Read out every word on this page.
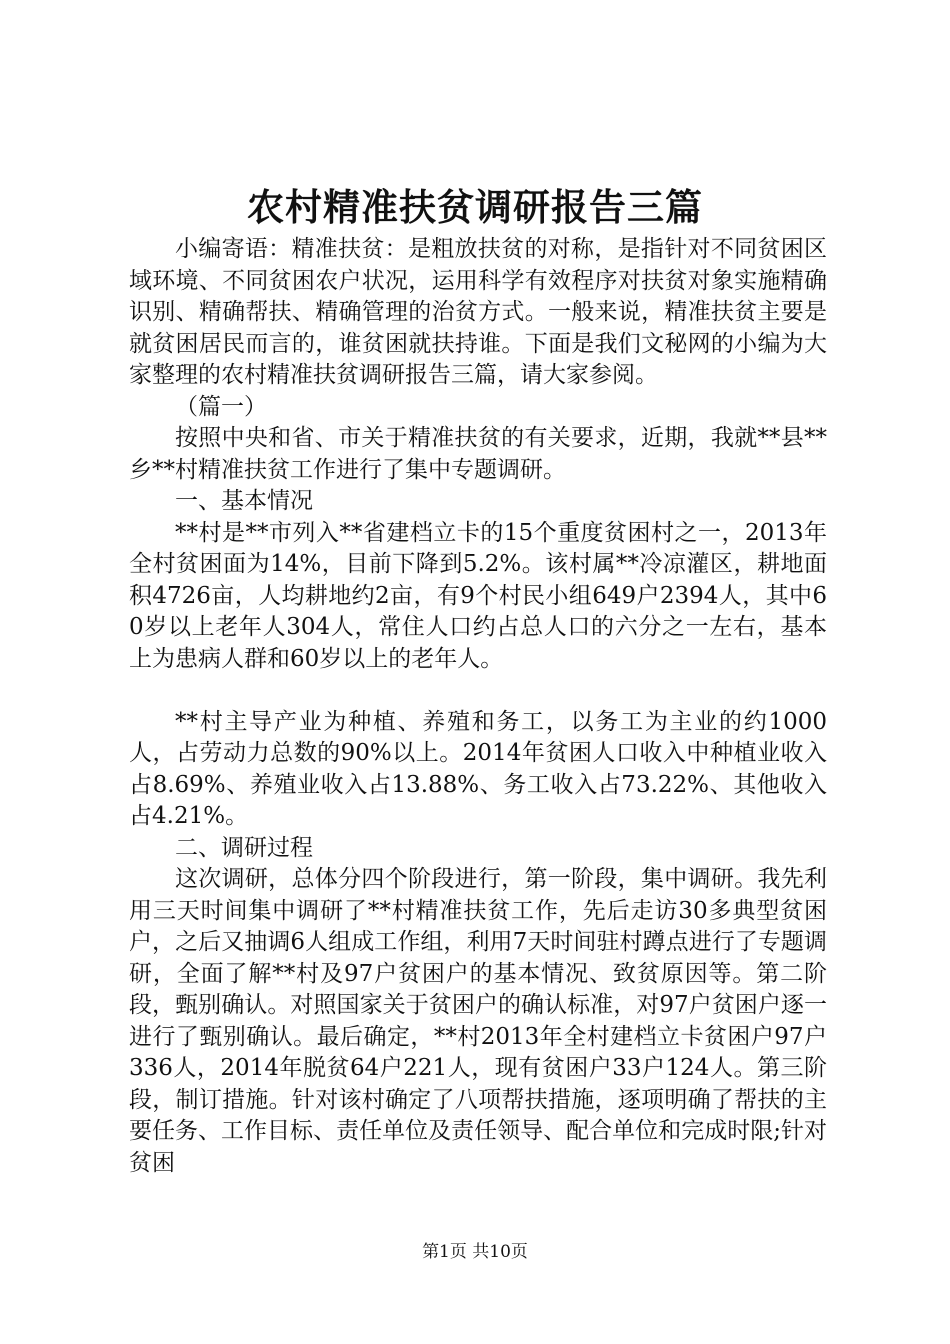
农村精准扶贫调研报告三篇

小编寄语：精准扶贫：是粗放扶贫的对称，是指针对不同贫困区域环境、不同贫困农户状况，运用科学有效程序对扶贫对象实施精确识别、精确帮扶、精确管理的治贫方式。一般来说，精准扶贫主要是就贫困居民而言的，谁贫困就扶持谁。下面是我们文秘网的小编为大家整理的农村精准扶贫调研报告三篇，请大家参阅。

（篇一）

按照中央和省、市关于精准扶贫的有关要求，近期，我就**县**乡**村精准扶贫工作进行了集中专题调研。

一、基本情况

**村是**市列入**省建档立卡的15个重度贫困村之一，2013年全村贫困面为14%，目前下降到5.2%。该村属**冷凉灌区，耕地面积4726亩，人均耕地约2亩，有9个村民小组649户2394人，其中60岁以上老年人304人，常住人口约占总人口的六分之一左右，基本上为患病人群和60岁以上的老年人。

**村主导产业为种植、养殖和务工，以务工为主业的约1000人，占劳动力总数的90%以上。2014年贫困人口收入中种植业收入占8.69%、养殖业收入占13.88%、务工收入占73.22%、其他收入占4.21%。

二、调研过程

这次调研，总体分四个阶段进行，第一阶段，集中调研。我先利用三天时间集中调研了**村精准扶贫工作，先后走访30多典型贫困户，之后又抽调6人组成工作组，利用7天时间驻村蹲点进行了专题调研，全面了解**村及97户贫困户的基本情况、致贫原因等。第二阶段，甄别确认。对照国家关于贫困户的确认标准，对97户贫困户逐一进行了甄别确认。最后确定，**村2013年全村建档立卡贫困户97户336人，2014年脱贫64户221人，现有贫困户33户124人。第三阶段，制订措施。针对该村确定了八项帮扶措施，逐项明确了帮扶的主要任务、工作目标、责任单位及责任领导、配合单位和完成时限;针对贫困

第1页 共10页
